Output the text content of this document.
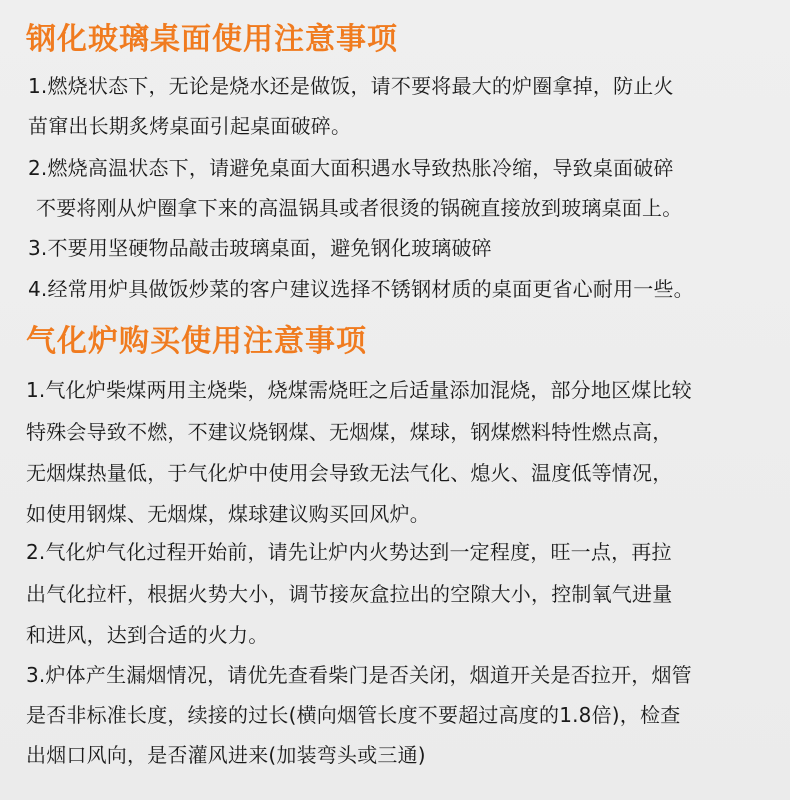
钢化玻璃桌面使用注意事项
1.燃烧状态下，无论是烧水还是做饭，请不要将最大的炉圈拿掉，防止火
苗窜出长期炙烤桌面引起桌面破碎。
2.燃烧高温状态下，请避免桌面大面积遇水导致热胀冷缩，导致桌面破碎
不要将刚从炉圈拿下来的高温锅具或者很烫的锅碗直接放到玻璃桌面上。
3.不要用坚硬物品敲击玻璃桌面，避免钢化玻璃破碎
4.经常用炉具做饭炒菜的客户建议选择不锈钢材质的桌面更省心耐用一些。
气化炉购买使用注意事项
1.气化炉柴煤两用主烧柴，烧煤需烧旺之后适量添加混烧，部分地区煤比较
特殊会导致不燃，不建议烧钢煤、无烟煤，煤球，钢煤燃料特性燃点高，
无烟煤热量低，于气化炉中使用会导致无法气化、熄火、温度低等情况，
如使用钢煤、无烟煤，煤球建议购买回风炉。
2.气化炉气化过程开始前，请先让炉内火势达到一定程度，旺一点，再拉
出气化拉杆，根据火势大小，调节接灰盒拉出的空隙大小，控制氧气进量
和进风，达到合适的火力。
3.炉体产生漏烟情况，请优先查看柴门是否关闭，烟道开关是否拉开，烟管
是否非标准长度，续接的过长(横向烟管长度不要超过高度的1.8倍)，检查
出烟口风向，是否灌风进来(加装弯头或三通)
